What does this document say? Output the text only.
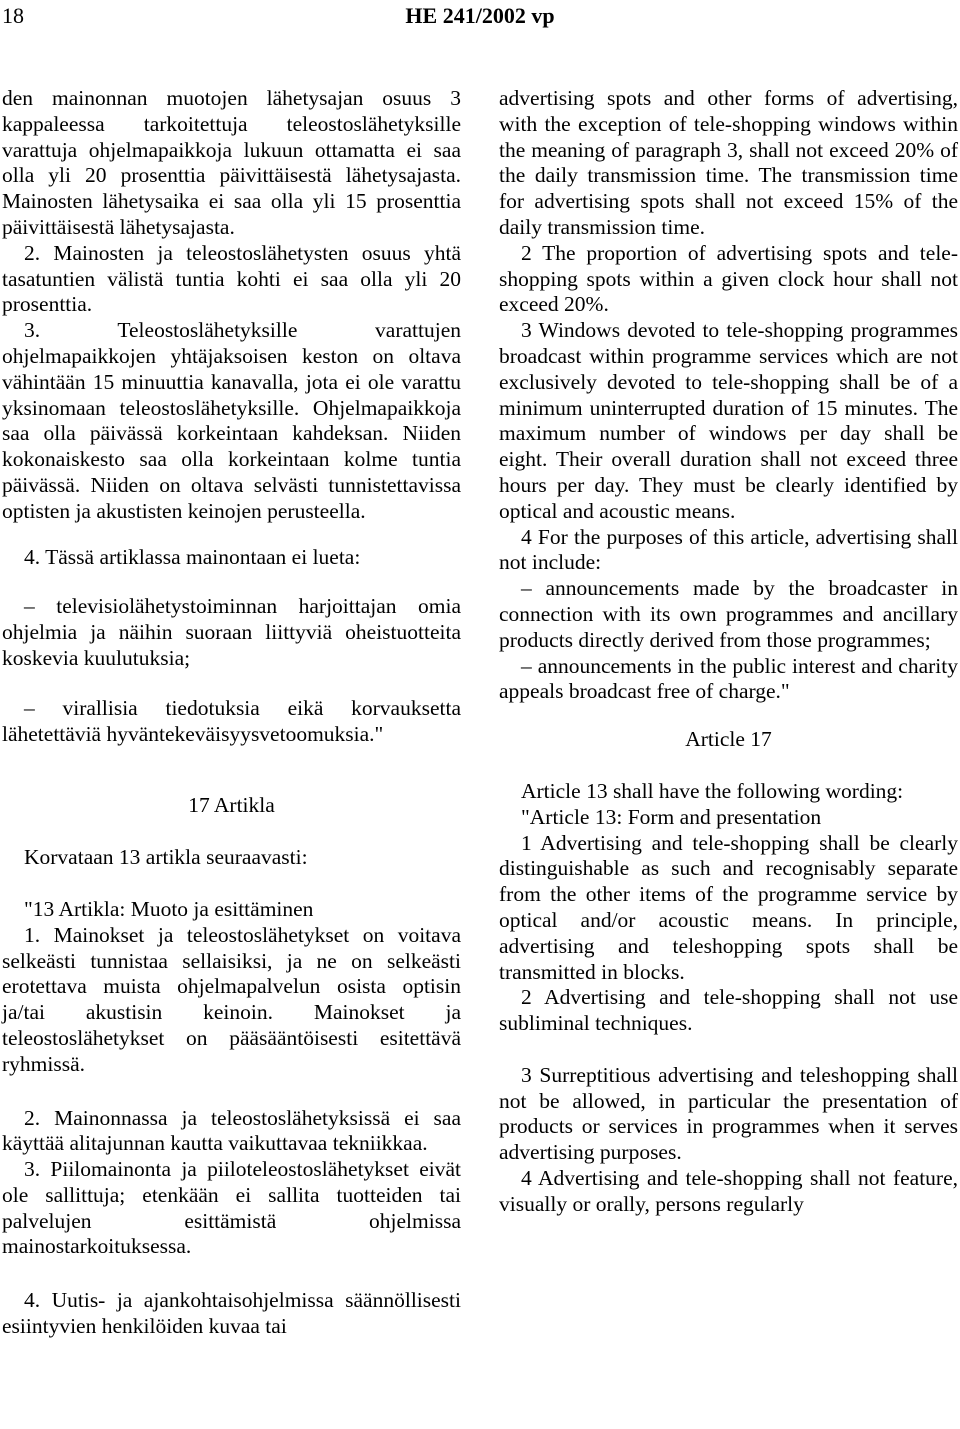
18	HE 241/2002 vp

den mainonnan muotojen lähetysajan osuus 3 kappaleessa tarkoitettuja teleostoslähetyksille varattuja ohjelmapaikkoja lukuun ottamatta ei saa olla yli 20 prosenttia päivittäisestä lähetysajasta. Mainosten lähetysaika ei saa olla yli 15 prosenttia päivittäisestä lähetysajasta.

2. Mainosten ja teleostoslähetysten osuus yhtä tasatuntien välistä tuntia kohti ei saa olla yli 20 prosenttia.

3. Teleostoslähetyksille varattujen ohjelmapaikkojen yhtäjaksoisen keston on oltava vähintään 15 minuuttia kanavalla, jota ei ole varattu yksinomaan teleostoslähetyksille. Ohjelmapaikkoja saa olla päivässä korkeintaan kahdeksan. Niiden kokonaiskesto saa olla korkeintaan kolme tuntia päivässä. Niiden on oltava selvästi tunnistettavissa optisten ja akustisten keinojen perusteella.

4. Tässä artiklassa mainontaan ei lueta:

– televisiolähetystoiminnan harjoittajan omia ohjelmia ja näihin suoraan liittyviä oheistuotteita koskevia kuulutuksia;

– virallisia tiedotuksia eikä korvauksetta lähetettäviä hyväntekeväisyysvetoomuksia."

17 Artikla

Korvataan 13 artikla seuraavasti:

"13 Artikla: Muoto ja esittäminen

1. Mainokset ja teleostoslähetykset on voitava selkeästi tunnistaa sellaisiksi, ja ne on selkeästi erotettava muista ohjelmapalvelun osista optisin ja/tai akustisin keinoin. Mainokset ja teleostoslähetykset on pääsääntöisesti esitettävä ryhmissä.

2. Mainonnassa ja teleostoslähetyksissä ei saa käyttää alitajunnan kautta vaikuttavaa tekniikkaa.

3. Piilomainonta ja piiloteleostoslähetykset eivät ole sallittuja; etenkään ei sallita tuotteiden tai palvelujen esittämistä ohjelmissa mainostarkoituksessa.

4. Uutis- ja ajankohtaisohjelmissa säännöllisesti esiintyvien henkilöiden kuvaa tai

advertising spots and other forms of advertising, with the exception of tele-shopping windows within the meaning of paragraph 3, shall not exceed 20% of the daily transmission time. The transmission time for advertising spots shall not exceed 15% of the daily transmission time.

2 The proportion of advertising spots and tele-shopping spots within a given clock hour shall not exceed 20%.

3 Windows devoted to tele-shopping programmes broadcast within programme services which are not exclusively devoted to tele-shopping shall be of a minimum uninterrupted duration of 15 minutes. The maximum number of windows per day shall be eight. Their overall duration shall not exceed three hours per day. They must be clearly identified by optical and acoustic means.

4 For the purposes of this article, advertising shall not include:

– announcements made by the broadcaster in connection with its own programmes and ancillary products directly derived from those programmes;

– announcements in the public interest and charity appeals broadcast free of charge."

Article 17

Article 13 shall have the following wording:

"Article 13: Form and presentation

1 Advertising and tele-shopping shall be clearly distinguishable as such and recognisably separate from the other items of the programme service by optical and/or acoustic means. In principle, advertising and teleshopping spots shall be transmitted in blocks.

2 Advertising and tele-shopping shall not use subliminal techniques.

3 Surreptitious advertising and teleshopping shall not be allowed, in particular the presentation of products or services in programmes when it serves advertising purposes.

4 Advertising and tele-shopping shall not feature, visually or orally, persons regularly
